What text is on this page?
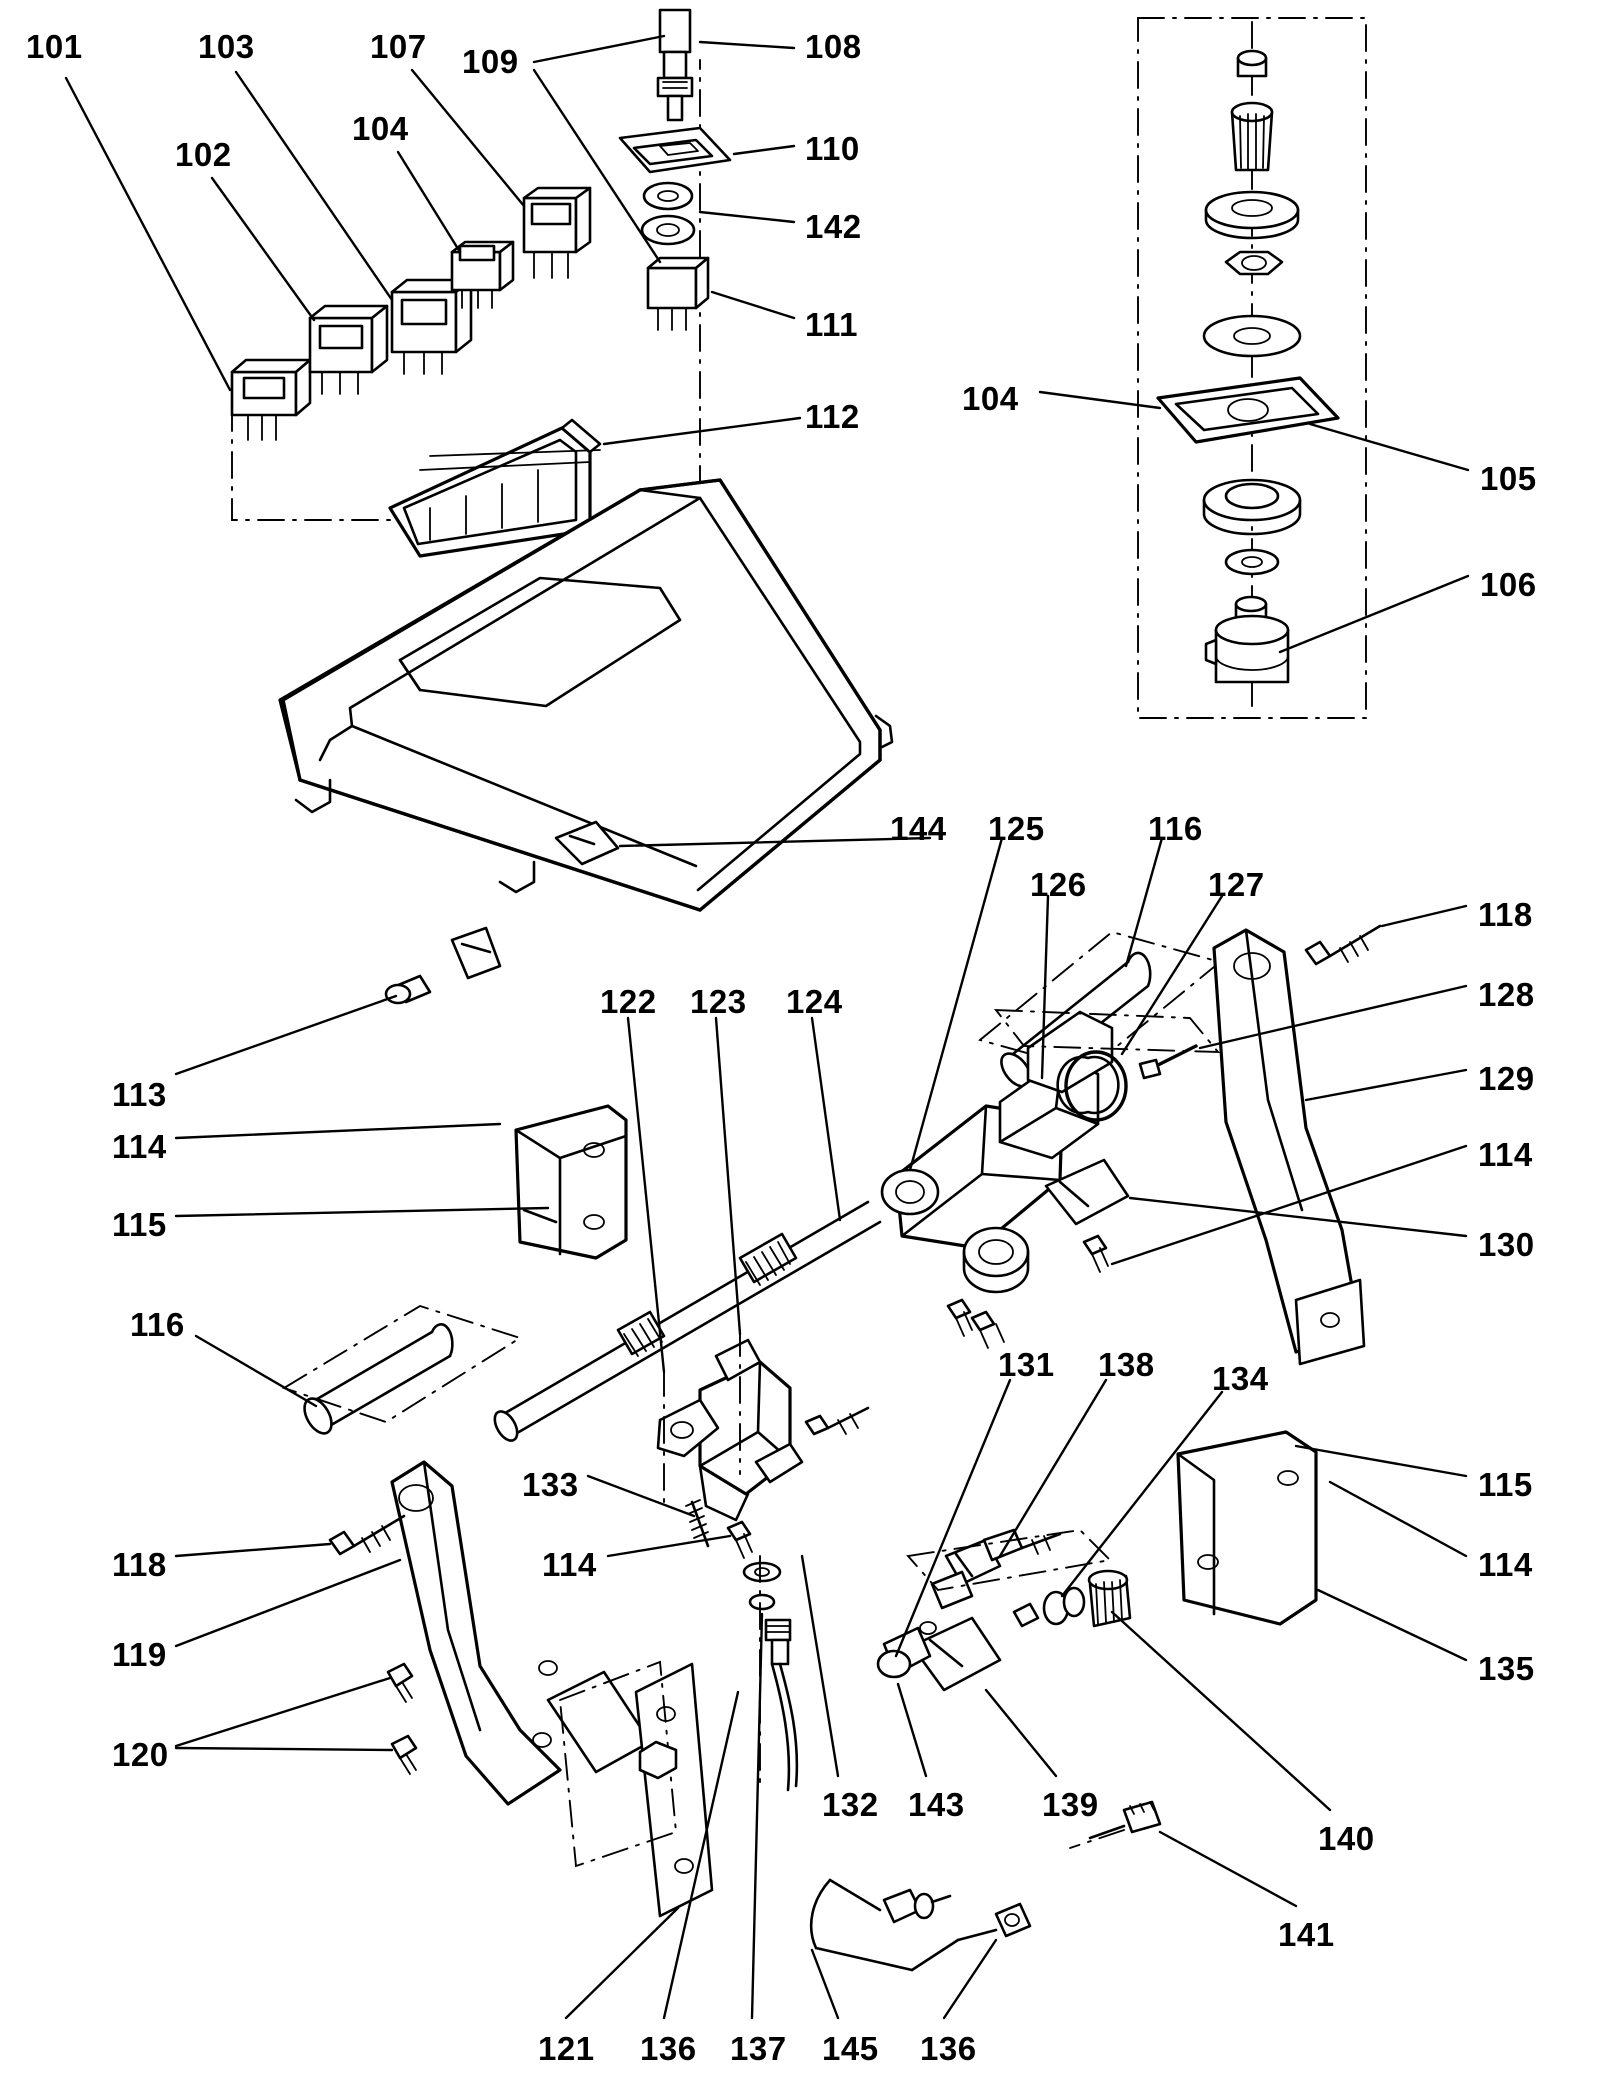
101	103	107 109	108
102
104
110
142
111
104
105
112
106
144 125	116
126	127
118
128
113
122 123 124
129
114	114
115
130
116
131 138 134
133	115
118	114	114
119	135
120
132 143 139
140
141
121 136 137 145 136
